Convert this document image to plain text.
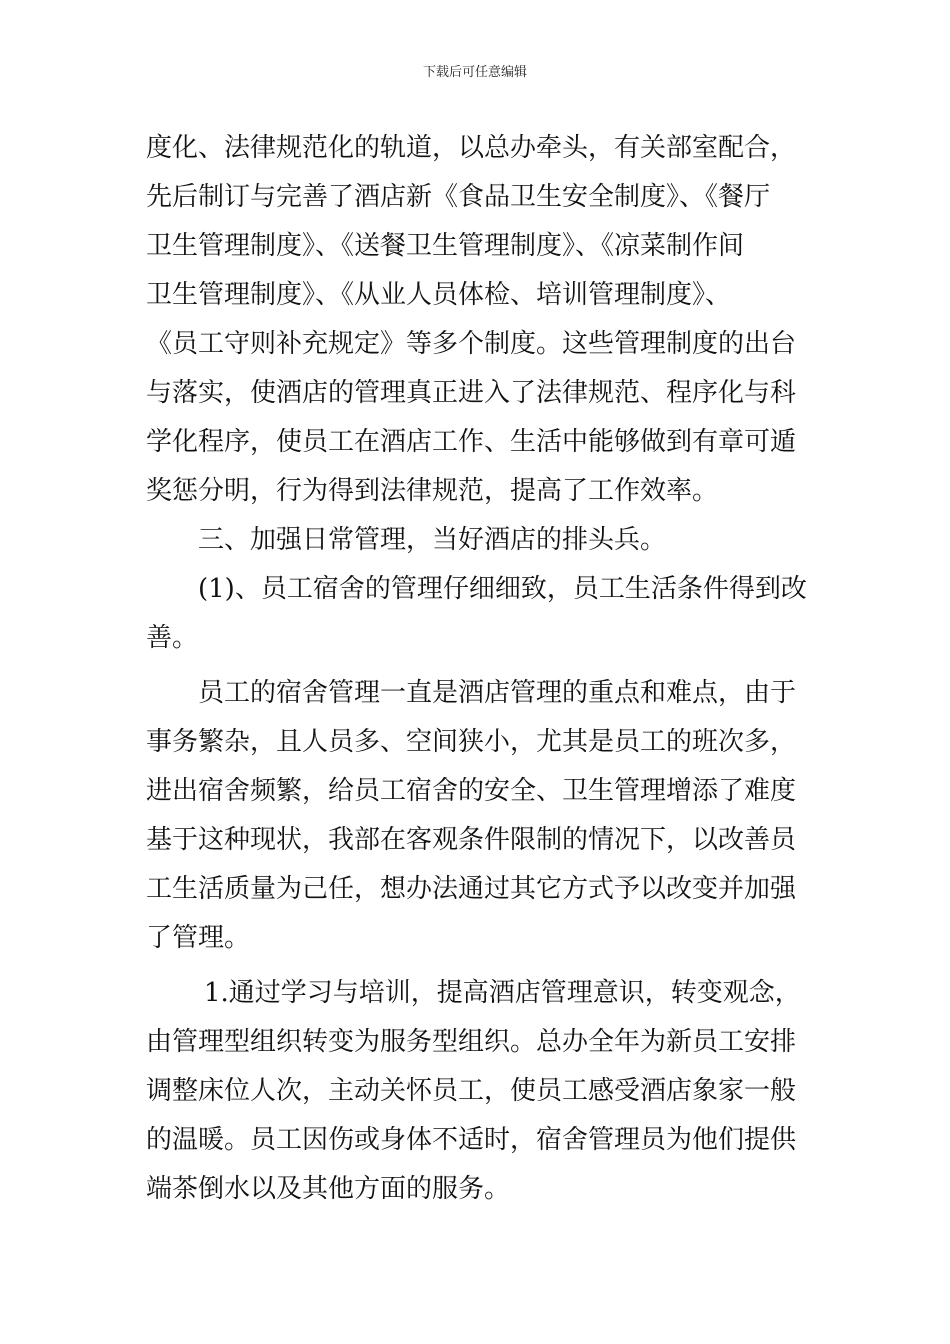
下载后可任意编辑
度化、法律规范化的轨道，以总办牵头，有关部室配合，
先后制订与完善了酒店新《食品卫生安全制度》、《餐厅
卫生管理制度》、《送餐卫生管理制度》、《凉菜制作间
卫生管理制度》、《从业人员体检、培训管理制度》、
《员工守则补充规定》等多个制度。这些管理制度的出台
与落实，使酒店的管理真正进入了法律规范、程序化与科
学化程序，使员工在酒店工作、生活中能够做到有章可遁
奖惩分明，行为得到法律规范，提高了工作效率。
三、加强日常管理，当好酒店的排头兵。
(1)、员工宿舍的管理仔细细致，员工生活条件得到改
善。
员工的宿舍管理一直是酒店管理的重点和难点，由于
事务繁杂，且人员多、空间狭小，尤其是员工的班次多，
进出宿舍频繁，给员工宿舍的安全、卫生管理增添了难度
基于这种现状，我部在客观条件限制的情况下，以改善员
工生活质量为己任，想办法通过其它方式予以改变并加强
了管理。
1.通过学习与培训，提高酒店管理意识，转变观念，
由管理型组织转变为服务型组织。总办全年为新员工安排
调整床位人次，主动关怀员工，使员工感受酒店象家一般
的温暖。员工因伤或身体不适时，宿舍管理员为他们提供
端茶倒水以及其他方面的服务。
